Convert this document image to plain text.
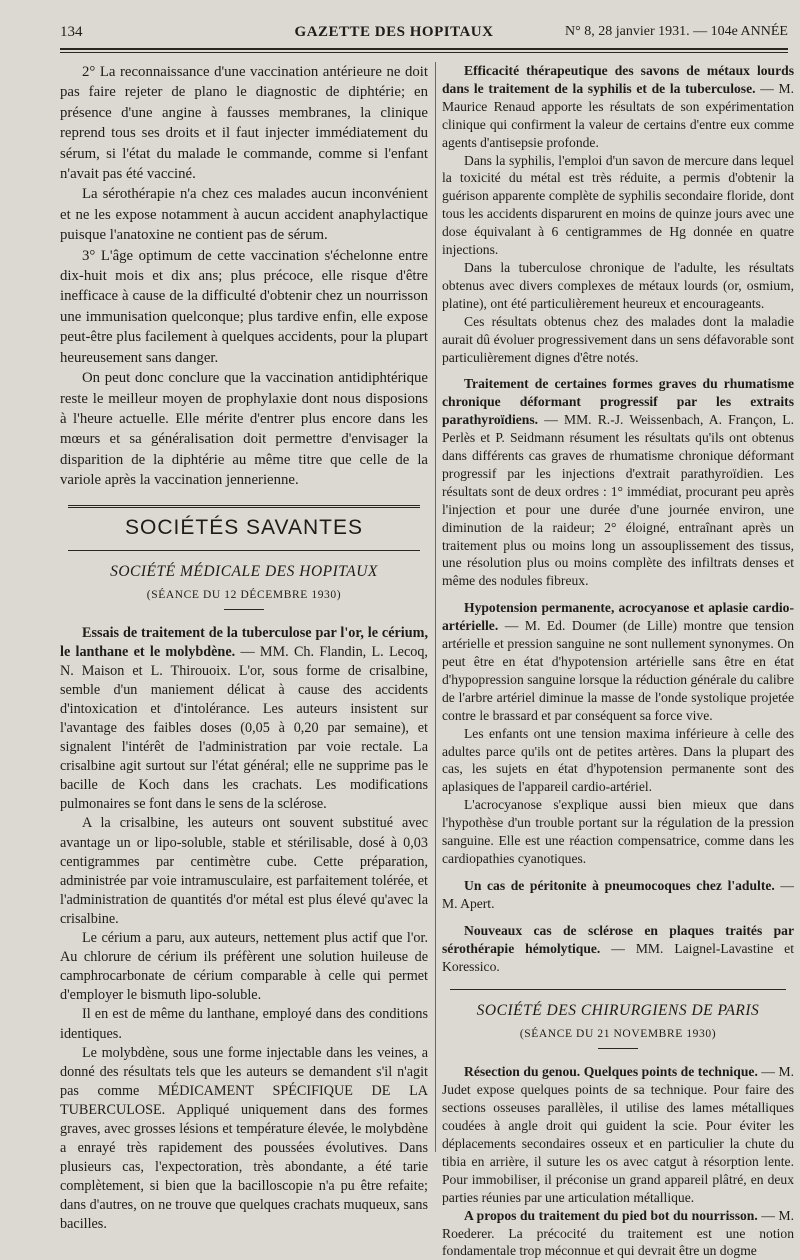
134	GAZETTE DES HOPITAUX	N° 8, 28 janvier 1931. — 104e ANNÉE

2° La reconnaissance d'une vaccination antérieure ne doit pas faire rejeter de plano le diagnostic de diphtérie; en présence d'une angine à fausses membranes, la clinique reprend tous ses droits et il faut injecter immédiatement du sérum, si l'état du malade le commande, comme si l'enfant n'avait pas été vacciné.

La sérothérapie n'a chez ces malades aucun inconvénient et ne les expose notamment à aucun accident anaphylactique puisque l'anatoxine ne contient pas de sérum.

3° L'âge optimum de cette vaccination s'échelonne entre dix-huit mois et dix ans; plus précoce, elle risque d'être inefficace à cause de la difficulté d'obtenir chez un nourrisson une immunisation quelconque; plus tardive enfin, elle expose peut-être plus facilement à quelques accidents, pour la plupart heureusement sans danger.

On peut donc conclure que la vaccination antidiphtérique reste le meilleur moyen de prophylaxie dont nous disposions à l'heure actuelle. Elle mérite d'entrer plus encore dans les mœurs et sa généralisation doit permettre d'envisager la disparition de la diphtérie au même titre que celle de la variole après la vaccination jennerienne.

SOCIÉTÉS SAVANTES
SOCIÉTÉ MÉDICALE DES HOPITAUX
(SÉANCE DU 12 DÉCEMBRE 1930)

Essais de traitement de la tuberculose par l'or, le cérium, le lanthane et le molybdène. — MM. Ch. Flandin, L. Lecoq, N. Maison et L. Thirouoix. L'or, sous forme de crisalbine, semble d'un maniement délicat à cause des accidents d'intoxication et d'intolérance. Les auteurs insistent sur l'avantage des faibles doses (0,05 à 0,20 par semaine), et signalent l'intérêt de l'administration par voie rectale. La crisalbine agit surtout sur l'état général; elle ne supprime pas le bacille de Koch dans les crachats. Les modifications pulmonaires se font dans le sens de la sclérose.

A la crisalbine, les auteurs ont souvent substitué avec avantage un or lipo-soluble, stable et stérilisable, dosé à 0,03 centigrammes par centimètre cube. Cette préparation, administrée par voie intramusculaire, est parfaitement tolérée, et l'administration de quantités d'or métal est plus élevé qu'avec la crisalbine.

Le cérium a paru, aux auteurs, nettement plus actif que l'or. Au chlorure de cérium ils préfèrent une solution huileuse de camphrocarbonate de cérium comparable à celle qui permet d'employer le bismuth lipo-soluble.

Il en est de même du lanthane, employé dans des conditions identiques.

Le molybdène, sous une forme injectable dans les veines, a donné des résultats tels que les auteurs se demandent s'il n'agit pas comme MÉDICAMENT SPÉCIFIQUE DE LA TUBERCULOSE. Appliqué uniquement dans des formes graves, avec grosses lésions et température élevée, le molybdène a enrayé très rapidement des poussées évolutives. Dans plusieurs cas, l'expectoration, très abondante, a été tarie complètement, si bien que la bacilloscopie n'a pu être refaite; dans d'autres, on ne trouve que quelques crachats muqueux, sans bacilles.

Efficacité thérapeutique des savons de métaux lourds dans le traitement de la syphilis et de la tuberculose. — M. Maurice Renaud apporte les résultats de son expérimentation clinique qui confirment la valeur de certains d'entre eux comme agents d'antisepsie profonde.

Dans la syphilis, l'emploi d'un savon de mercure dans lequel la toxicité du métal est très réduite, a permis d'obtenir la guérison apparente complète de syphilis secondaire floride, dont tous les accidents disparurent en moins de quinze jours avec une dose équivalant à 6 centigrammes de Hg donnée en quatre injections.

Dans la tuberculose chronique de l'adulte, les résultats obtenus avec divers complexes de métaux lourds (or, osmium, platine), ont été particulièrement heureux et encourageants.

Ces résultats obtenus chez des malades dont la maladie aurait dû évoluer progressivement dans un sens défavorable sont particulièrement dignes d'être notés.

Traitement de certaines formes graves du rhumatisme chronique déformant progressif par les extraits parathyroïdiens. — MM. R.-J. Weissenbach, A. Françon, L. Perlès et P. Seidmann résument les résultats qu'ils ont obtenus dans différents cas graves de rhumatisme chronique déformant progressif par les injections d'extrait parathyroïdien. Les résultats sont de deux ordres : 1° immédiat, procurant peu après l'injection et pour une durée d'une journée environ, une diminution de la raideur; 2° éloigné, entraînant après un traitement plus ou moins long un assouplissement des tissus, une résolution plus ou moins complète des infiltrats denses et même des nodules fibreux.

Hypotension permanente, acrocyanose et aplasie cardio-artérielle. — M. Ed. Doumer (de Lille) montre que tension artérielle et pression sanguine ne sont nullement synonymes. On peut être en état d'hypotension artérielle sans être en état d'hypopression sanguine lorsque la réduction générale du calibre de l'arbre artériel diminue la masse de l'onde systolique projetée contre le brassard et par conséquent sa force vive.

Les enfants ont une tension maxima inférieure à celle des adultes parce qu'ils ont de petites artères. Dans la plupart des cas, les sujets en état d'hypotension permanente sont des aplasiques de l'appareil cardio-artériel.

L'acrocyanose s'explique aussi bien mieux que dans l'hypothèse d'un trouble portant sur la régulation de la pression sanguine. Elle est une réaction compensatrice, comme dans les cardiopathies cyanotiques.

Un cas de péritonite à pneumocoques chez l'adulte. — M. Apert.

Nouveaux cas de sclérose en plaques traités par sérothérapie hémolytique. — MM. Laignel-Lavastine et Koressico.

SOCIÉTÉ DES CHIRURGIENS DE PARIS
(SÉANCE DU 21 NOVEMBRE 1930)

Résection du genou. Quelques points de technique. — M. Judet expose quelques points de sa technique. Pour faire des sections osseuses parallèles, il utilise des lames métalliques coudées à angle droit qui guident la scie. Pour éviter les déplacements secondaires osseux et en particulier la chute du tibia en arrière, il suture les os avec catgut à résorption lente. Pour immobiliser, il préconise un grand appareil plâtré, en deux parties réunies par une articulation métallique.

A propos du traitement du pied bot du nourrisson. — M. Roederer. La précocité du traitement est une notion fondamentale trop méconnue et qui devrait être un dogme
